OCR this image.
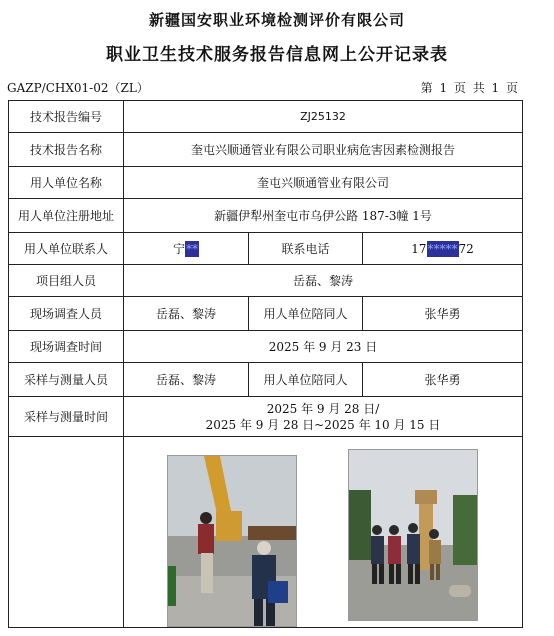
新疆国安职业环境检测评价有限公司
职业卫生技术服务报告信息网上公开记录表
GAZP/CHX01-02（ZL）	第 1 页 共 1 页
技术报告编号	ZJ25132		
技术报告名称	奎屯兴顺通管业有限公司职业病危害因素检测报告		
用人单位名称	奎屯兴顺通管业有限公司		
用人单位注册地址	新疆伊犁州奎屯市乌伊公路 187-3幢 1号		
用人单位联系人	宁**	联系电话	17*****72
项目组人员	岳磊、黎涛		
现场调查人员	岳磊、黎涛	用人单位陪同人	张华勇
现场调查时间	2025 年 9 月 23 日		
采样与测量人员	岳磊、黎涛	用人单位陪同人	张华勇
采样与测量时间	2025 年 9 月 28 日/
2025 年 9 月 28 日~2025 年 10 月 15 日		
